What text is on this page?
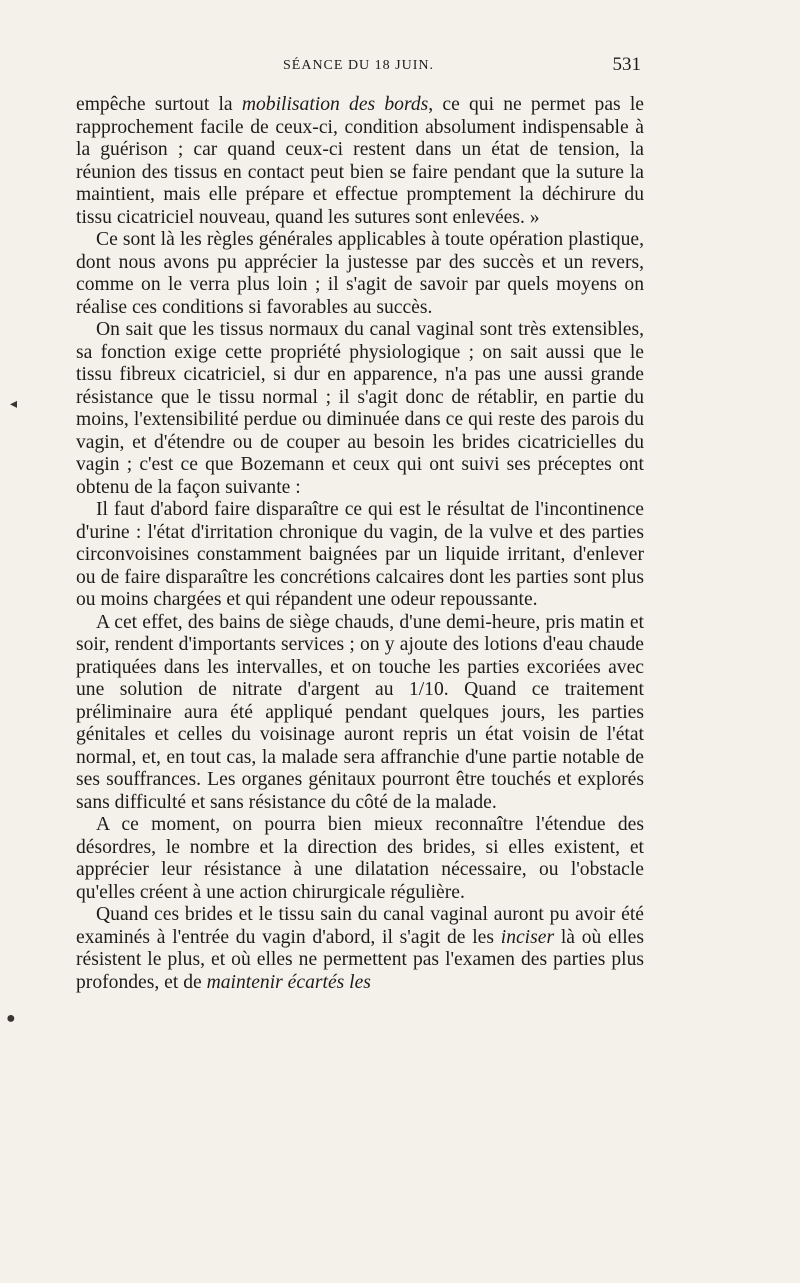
SÉANCE DU 18 JUIN.	531
◂
●

empêche surtout la mobilisation des bords, ce qui ne permet pas le rapprochement facile de ceux-ci, condition absolument indispensable à la guérison ; car quand ceux-ci restent dans un état de tension, la réunion des tissus en contact peut bien se faire pendant que la suture la maintient, mais elle prépare et effectue promptement la déchirure du tissu cicatriciel nouveau, quand les sutures sont enlevées. »

Ce sont là les règles générales applicables à toute opération plastique, dont nous avons pu apprécier la justesse par des succès et un revers, comme on le verra plus loin ; il s'agit de savoir par quels moyens on réalise ces conditions si favorables au succès.

On sait que les tissus normaux du canal vaginal sont très extensibles, sa fonction exige cette propriété physiologique ; on sait aussi que le tissu fibreux cicatriciel, si dur en apparence, n'a pas une aussi grande résistance que le tissu normal ; il s'agit donc de rétablir, en partie du moins, l'extensibilité perdue ou diminuée dans ce qui reste des parois du vagin, et d'étendre ou de couper au besoin les brides cicatricielles du vagin ; c'est ce que Bozemann et ceux qui ont suivi ses préceptes ont obtenu de la façon suivante :

Il faut d'abord faire disparaître ce qui est le résultat de l'incontinence d'urine : l'état d'irritation chronique du vagin, de la vulve et des parties circonvoisines constamment baignées par un liquide irritant, d'enlever ou de faire disparaître les concrétions calcaires dont les parties sont plus ou moins chargées et qui répandent une odeur repoussante.

A cet effet, des bains de siège chauds, d'une demi-heure, pris matin et soir, rendent d'importants services ; on y ajoute des lotions d'eau chaude pratiquées dans les intervalles, et on touche les parties excoriées avec une solution de nitrate d'argent au 1/10. Quand ce traitement préliminaire aura été appliqué pendant quelques jours, les parties génitales et celles du voisinage auront repris un état voisin de l'état normal, et, en tout cas, la malade sera affranchie d'une partie notable de ses souffrances. Les organes génitaux pourront être touchés et explorés sans difficulté et sans résistance du côté de la malade.

A ce moment, on pourra bien mieux reconnaître l'étendue des désordres, le nombre et la direction des brides, si elles existent, et apprécier leur résistance à une dilatation nécessaire, ou l'obstacle qu'elles créent à une action chirurgicale régulière.

Quand ces brides et le tissu sain du canal vaginal auront pu avoir été examinés à l'entrée du vagin d'abord, il s'agit de les inciser là où elles résistent le plus, et où elles ne permettent pas l'examen des parties plus profondes, et de maintenir écartés les
